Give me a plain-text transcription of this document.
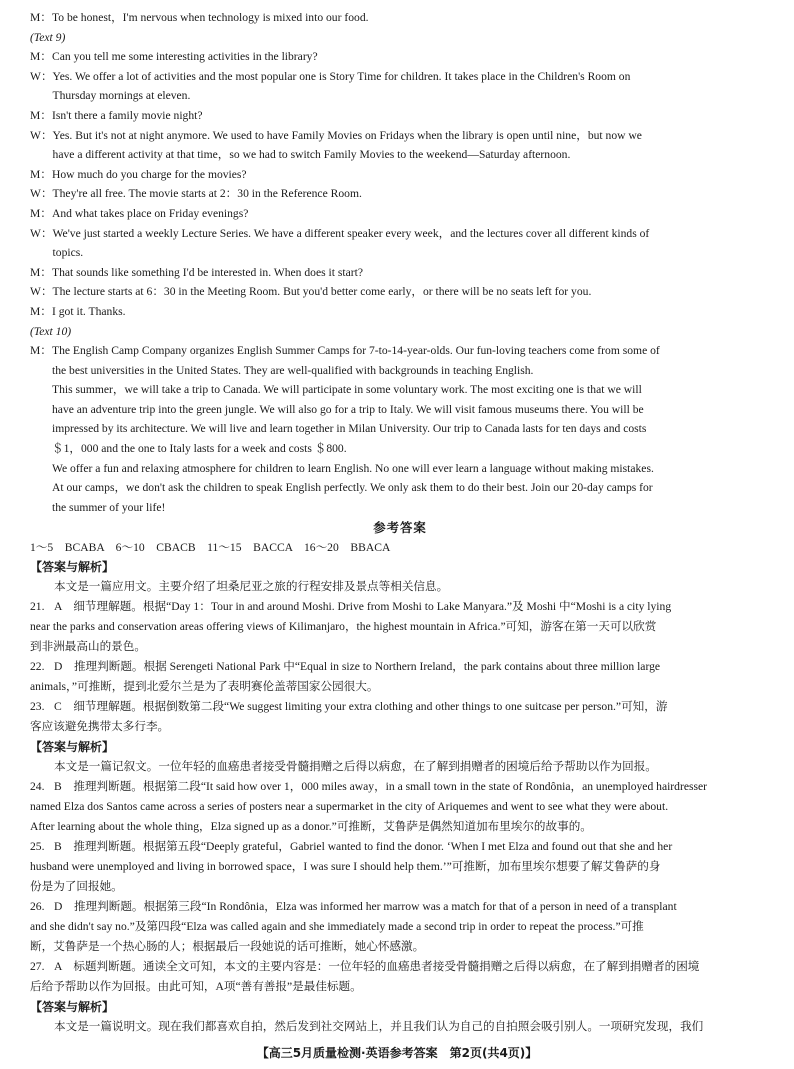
M： To be honest，I'm nervous when technology is mixed into our food.
(Text 9)
M： Can you tell me some interesting activities in the library?
W： Yes. We offer a lot of activities and the most popular one is Story Time for children. It takes place in the Children's Room on
Thursday mornings at eleven.
M： Isn't there a family movie night?
W： Yes. But it's not at night anymore. We used to have Family Movies on Fridays when the library is open until nine，but now we
have a different activity at that time，so we had to switch Family Movies to the weekend—Saturday afternoon.
M： How much do you charge for the movies?
W： They're all free. The movie starts at 2：30 in the Reference Room.
M： And what takes place on Friday evenings?
W： We've just started a weekly Lecture Series. We have a different speaker every week，and the lectures cover all different kinds of
topics.
M： That sounds like something I'd be interested in. When does it start?
W： The lecture starts at 6：30 in the Meeting Room. But you'd better come early，or there will be no seats left for you.
M： I got it. Thanks.
(Text 10)
M： The English Camp Company organizes English Summer Camps for 7-to-14-year-olds. Our fun-loving teachers come from some of
the best universities in the United States. They are well-qualified with backgrounds in teaching English.
This summer，we will take a trip to Canada. We will participate in some voluntary work. The most exciting one is that we will
have an adventure trip into the green jungle. We will also go for a trip to Italy. We will visit famous museums there. You will be
impressed by its architecture. We will live and learn together in Milan University. Our trip to Canada lasts for ten days and costs
＄1，000 and the one to Italy lasts for a week and costs ＄800.
We offer a fun and relaxing atmosphere for children to learn English. No one will ever learn a language without making mistakes.
At our camps，we don't ask the children to speak English perfectly. We only ask them to do their best. Join our 20-day camps for
the summer of your life!
参考答案
1～5　BCABA　6～10　CBACB　11～15　BACCA　16～20　BBACA
【答案与解析】
本文是一篇应用文。主要介绍了坦桑尼亚之旅的行程安排及景点等相关信息。
21. A　细节理解题。根据“Day 1：Tour in and around Moshi. Drive from Moshi to Lake Manyara.”及 Moshi 中“Moshi is a city lying
near the parks and conservation areas offering views of Kilimanjaro，the highest mountain in Africa.”可知，游客在第一天可以欣赏
到非洲最高山的景色。
22. D　推理判断题。根据 Serengeti National Park 中“Equal in size to Northern Ireland，the park contains about three million large
animals，”可推断，提到北爱尔兰是为了表明赛伦盖蒂国家公园很大。
23. C　细节理解题。根据倒数第二段“We suggest limiting your extra clothing and other things to one suitcase per person.”可知，游
客应该避免携带太多行李。
【答案与解析】
本文是一篇记叙文。一位年轻的血癌患者接受骨髓捐赠之后得以病愈，在了解到捐赠者的困境后给予帮助以作为回报。
24. B　推理判断题。根据第二段“It said how over 1，000 miles away，in a small town in the state of Rondônia，an unemployed hairdresser
named Elza dos Santos came across a series of posters near a supermarket in the city of Ariquemes and went to see what they were about.
After learning about the whole thing，Elza signed up as a donor.”可推断，艾鲁萨是偶然知道加布里埃尔的故事的。
25. B　推理判断题。根据第五段“Deeply grateful，Gabriel wanted to find the donor. ‘When I met Elza and found out that she and her
husband were unemployed and living in borrowed space，I was sure I should help them.’”可推断，加布里埃尔想要了解艾鲁萨的身
份是为了回报她。
26. D　推理判断题。根据第三段“In Rondônia，Elza was informed her marrow was a match for that of a person in need of a transplant
and she didn't say no.”及第四段“Elza was called again and she immediately made a second trip in order to repeat the process.”可推
断，艾鲁萨是一个热心肠的人；根据最后一段她说的话可推断，她心怀感激。
27. A　标题判断题。通读全文可知，本文的主要内容是：一位年轻的血癌患者接受骨髓捐赠之后得以病愈，在了解到捐赠者的困境
后给予帮助以作为回报。由此可知，A项“善有善报”是最佳标题。
【答案与解析】
本文是一篇说明文。现在我们都喜欢自拍，然后发到社交网站上，并且我们认为自己的自拍照会吸引别人。一项研究发现，我们
【高三5月质量检测·英语参考答案　第2页(共4页)】
